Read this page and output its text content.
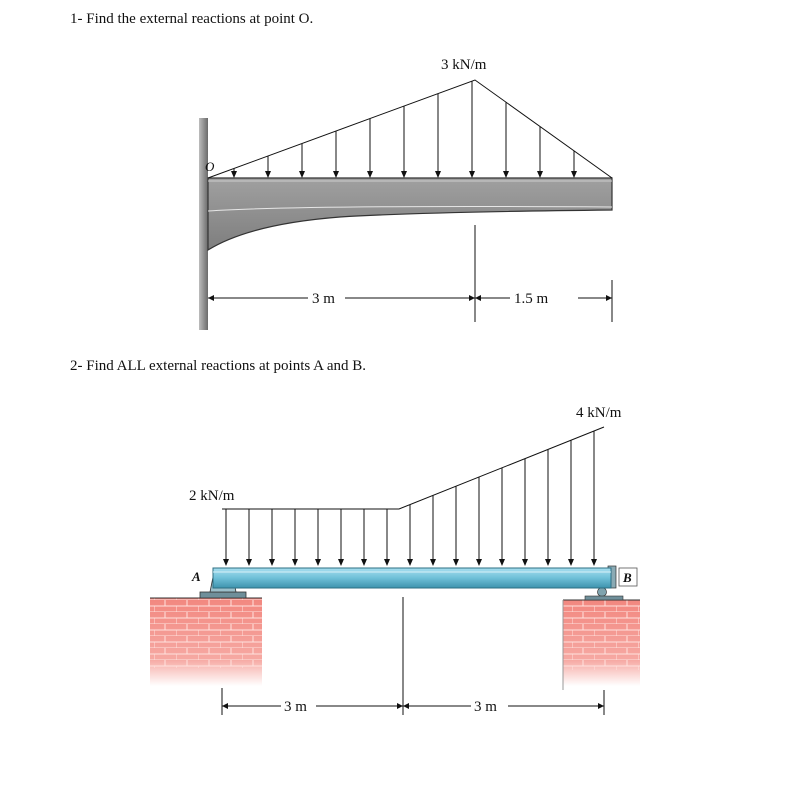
1- Find the external reactions at point O.
2- Find ALL external reactions at points A and B.
O
3 kN/m
3 m	1.5 m
2 kN/m
4 kN/m
A	B
3 m	3 m
